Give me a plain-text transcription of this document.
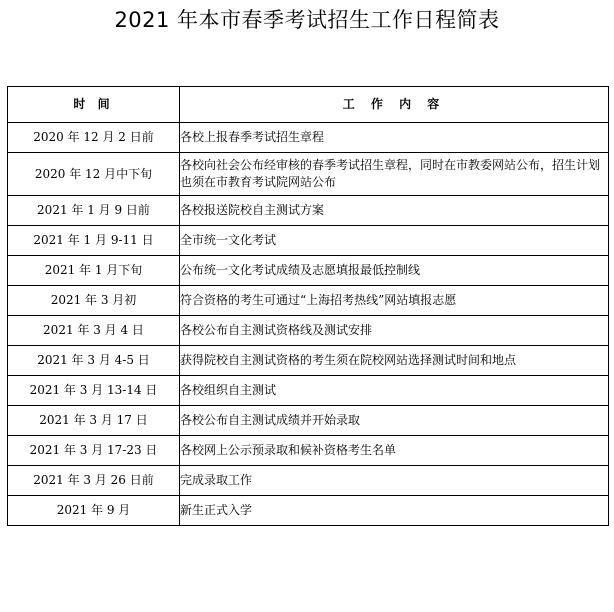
2021 年本市春季考试招生工作日程简表
时 间	工 作 内 容
2020 年 12 月 2 日前	各校上报春季考试招生章程
2020 年 12 月中下旬	各校向社会公布经审核的春季考试招生章程，同时在市教委网站公布，招生计划也须在市教育考试院网站公布
2021 年 1 月 9 日前	各校报送院校自主测试方案
2021 年 1 月 9-11 日	全市统一文化考试
2021 年 1 月下旬	公布统一文化考试成绩及志愿填报最低控制线
2021 年 3 月初	符合资格的考生可通过“上海招考热线”网站填报志愿
2021 年 3 月 4 日	各校公布自主测试资格线及测试安排
2021 年 3 月 4-5 日	获得院校自主测试资格的考生须在院校网站选择测试时间和地点
2021 年 3 月 13-14 日	各校组织自主测试
2021 年 3 月 17 日	各校公布自主测试成绩并开始录取
2021 年 3 月 17-23 日	各校网上公示预录取和候补资格考生名单
2021 年 3 月 26 日前	完成录取工作
2021 年 9 月	新生正式入学
